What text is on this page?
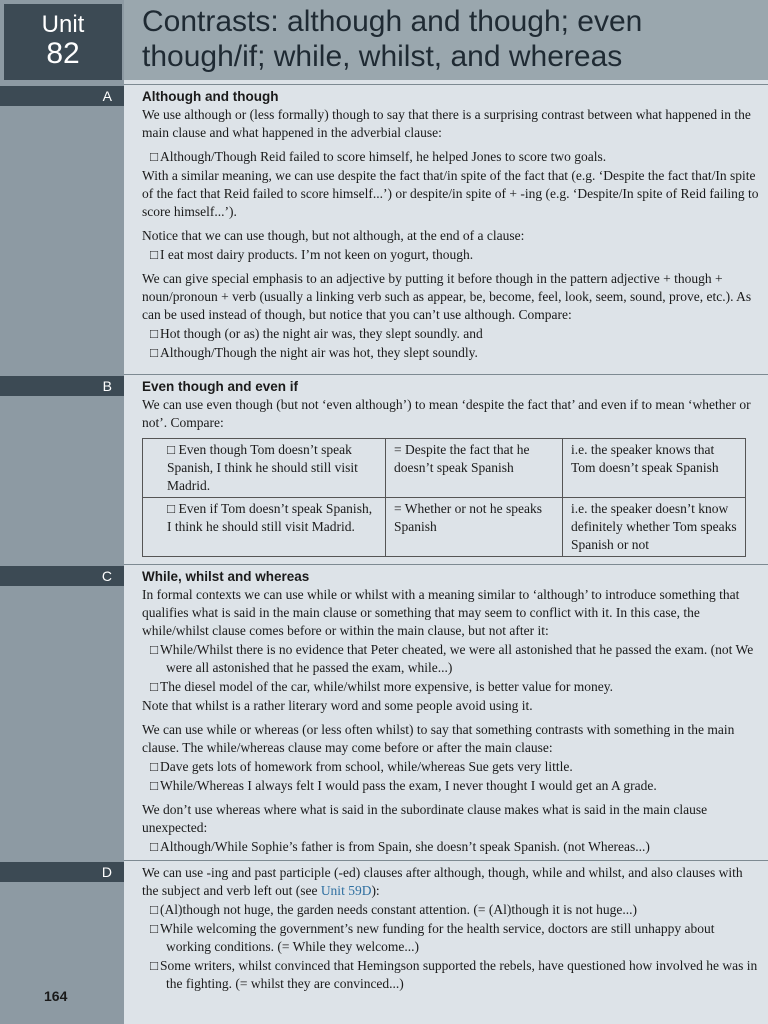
Unit
82
Contrasts: although and though; even though/if; while, whilst, and whereas
A	Although and though

We use although or (less formally) though to say that there is a surprising contrast between what happened in the main clause and what happened in the adverbial clause:

□ Although/Though Reid failed to score himself, he helped Jones to score two goals.

With a similar meaning, we can use despite the fact that/in spite of the fact that (e.g. ‘Despite the fact that/In spite of the fact that Reid failed to score himself...’) or despite/in spite of + -ing (e.g. ‘Despite/In spite of Reid failing to score himself...’).

Notice that we can use though, but not although, at the end of a clause:

□ I eat most dairy products. I’m not keen on yogurt, though.

We can give special emphasis to an adjective by putting it before though in the pattern adjective + though + noun/pronoun + verb (usually a linking verb such as appear, be, become, feel, look, seem, sound, prove, etc.). As can be used instead of though, but notice that you can’t use although. Compare:

□ Hot though (or as) the night air was, they slept soundly. and
□ Although/Though the night air was hot, they slept soundly.
B	Even though and even if

We can use even though (but not ‘even although’) to mean ‘despite the fact that’ and even if to mean ‘whether or not’. Compare:

□ Even though Tom doesn’t speak Spanish, I think he should still visit Madrid.	= Despite the fact that he doesn’t speak Spanish	i.e. the speaker knows that Tom doesn’t speak Spanish
□ Even if Tom doesn’t speak Spanish, I think he should still visit Madrid.	= Whether or not he speaks Spanish	i.e. the speaker doesn’t know definitely whether Tom speaks Spanish or not
C	While, whilst and whereas

In formal contexts we can use while or whilst with a meaning similar to ‘although’ to introduce something that qualifies what is said in the main clause or something that may seem to conflict with it. In this case, the while/whilst clause comes before or within the main clause, but not after it:

□ While/Whilst there is no evidence that Peter cheated, we were all astonished that he passed the exam. (not We were all astonished that he passed the exam, while...)
□ The diesel model of the car, while/whilst more expensive, is better value for money.

Note that whilst is a rather literary word and some people avoid using it.

We can use while or whereas (or less often whilst) to say that something contrasts with something in the main clause. The while/whereas clause may come before or after the main clause:

□ Dave gets lots of homework from school, while/whereas Sue gets very little.
□ While/Whereas I always felt I would pass the exam, I never thought I would get an A grade.

We don’t use whereas where what is said in the subordinate clause makes what is said in the main clause unexpected:

□ Although/While Sophie’s father is from Spain, she doesn’t speak Spanish. (not Whereas...)
D	We can use -ing and past participle (-ed) clauses after although, though, while and whilst, and also clauses with the subject and verb left out (see Unit 59D):

□ (Al)though not huge, the garden needs constant attention. (= (Al)though it is not huge...)
□ While welcoming the government’s new funding for the health service, doctors are still unhappy about working conditions. (= While they welcome...)
□ Some writers, whilst convinced that Hemingson supported the rebels, have questioned how involved he was in the fighting. (= whilst they are convinced...)
164
